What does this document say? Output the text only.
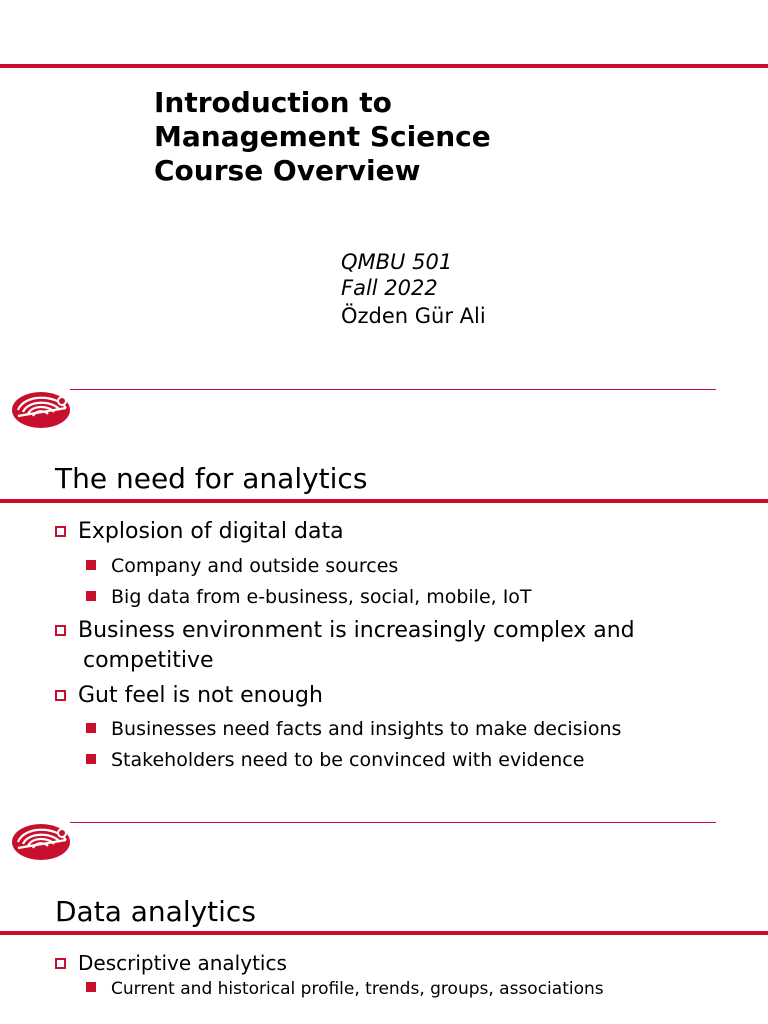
Introduction to
Management Science
Course Overview
QMBU 501
Fall 2022
Özden Gür Ali
The need for analytics
Explosion of digital data
Company and outside sources
Big data from e-business, social, mobile, IoT
Business environment is increasingly complex and
competitive
Gut feel is not enough
Businesses need facts and insights to make decisions
Stakeholders need to be convinced with evidence
Data analytics
Descriptive analytics
Current and historical profile, trends, groups, associations
